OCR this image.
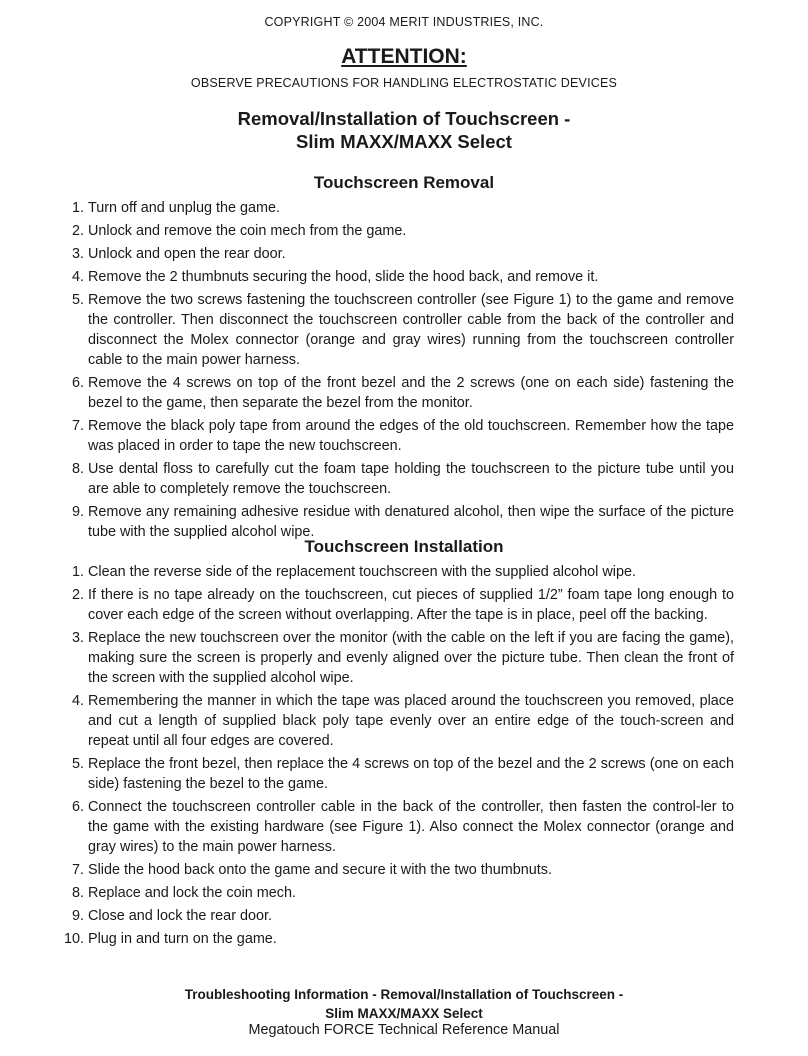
COPYRIGHT © 2004 MERIT INDUSTRIES, INC.
ATTENTION:
OBSERVE PRECAUTIONS FOR HANDLING ELECTROSTATIC DEVICES
Removal/Installation of Touchscreen -
Slim MAXX/MAXX Select
Touchscreen Removal
1. Turn off and unplug the game.
2. Unlock and remove the coin mech from the game.
3. Unlock and open the rear door.
4. Remove the 2 thumbnuts securing the hood, slide the hood back, and remove it.
5. Remove the two screws fastening the touchscreen controller (see Figure 1) to the game and remove the controller. Then disconnect the touchscreen controller cable from the back of the controller and disconnect the Molex connector (orange and gray wires) running from the touchscreen controller cable to the main power harness.
6. Remove the 4 screws on top of the front bezel and the 2 screws (one on each side) fastening the bezel to the game, then separate the bezel from the monitor.
7. Remove the black poly tape from around the edges of the old touchscreen. Remember how the tape was placed in order to tape the new touchscreen.
8. Use dental floss to carefully cut the foam tape holding the touchscreen to the picture tube until you are able to completely remove the touchscreen.
9. Remove any remaining adhesive residue with denatured alcohol, then wipe the surface of the picture tube with the supplied alcohol wipe.
Touchscreen Installation
1. Clean the reverse side of the replacement touchscreen with the supplied alcohol wipe.
2. If there is no tape already on the touchscreen, cut pieces of supplied 1/2” foam tape long enough to cover each edge of the screen without overlapping. After the tape is in place, peel off the backing.
3. Replace the new touchscreen over the monitor (with the cable on the left if you are facing the game), making sure the screen is properly and evenly aligned over the picture tube. Then clean the front of the screen with the supplied alcohol wipe.
4. Remembering the manner in which the tape was placed around the touchscreen you removed, place and cut a length of supplied black poly tape evenly over an entire edge of the touch-screen and repeat until all four edges are covered.
5. Replace the front bezel, then replace the 4 screws on top of the bezel and the 2 screws (one on each side) fastening the bezel to the game.
6. Connect the touchscreen controller cable in the back of the controller, then fasten the control-ler to the game with the existing hardware (see Figure 1). Also connect the Molex connector (orange and gray wires) to the main power harness.
7. Slide the hood back onto the game and secure it with the two thumbnuts.
8. Replace and lock the coin mech.
9. Close and lock the rear door.
10. Plug in and turn on the game.
Troubleshooting Information - Removal/Installation of Touchscreen -
Slim MAXX/MAXX Select
Megatouch FORCE Technical Reference Manual
